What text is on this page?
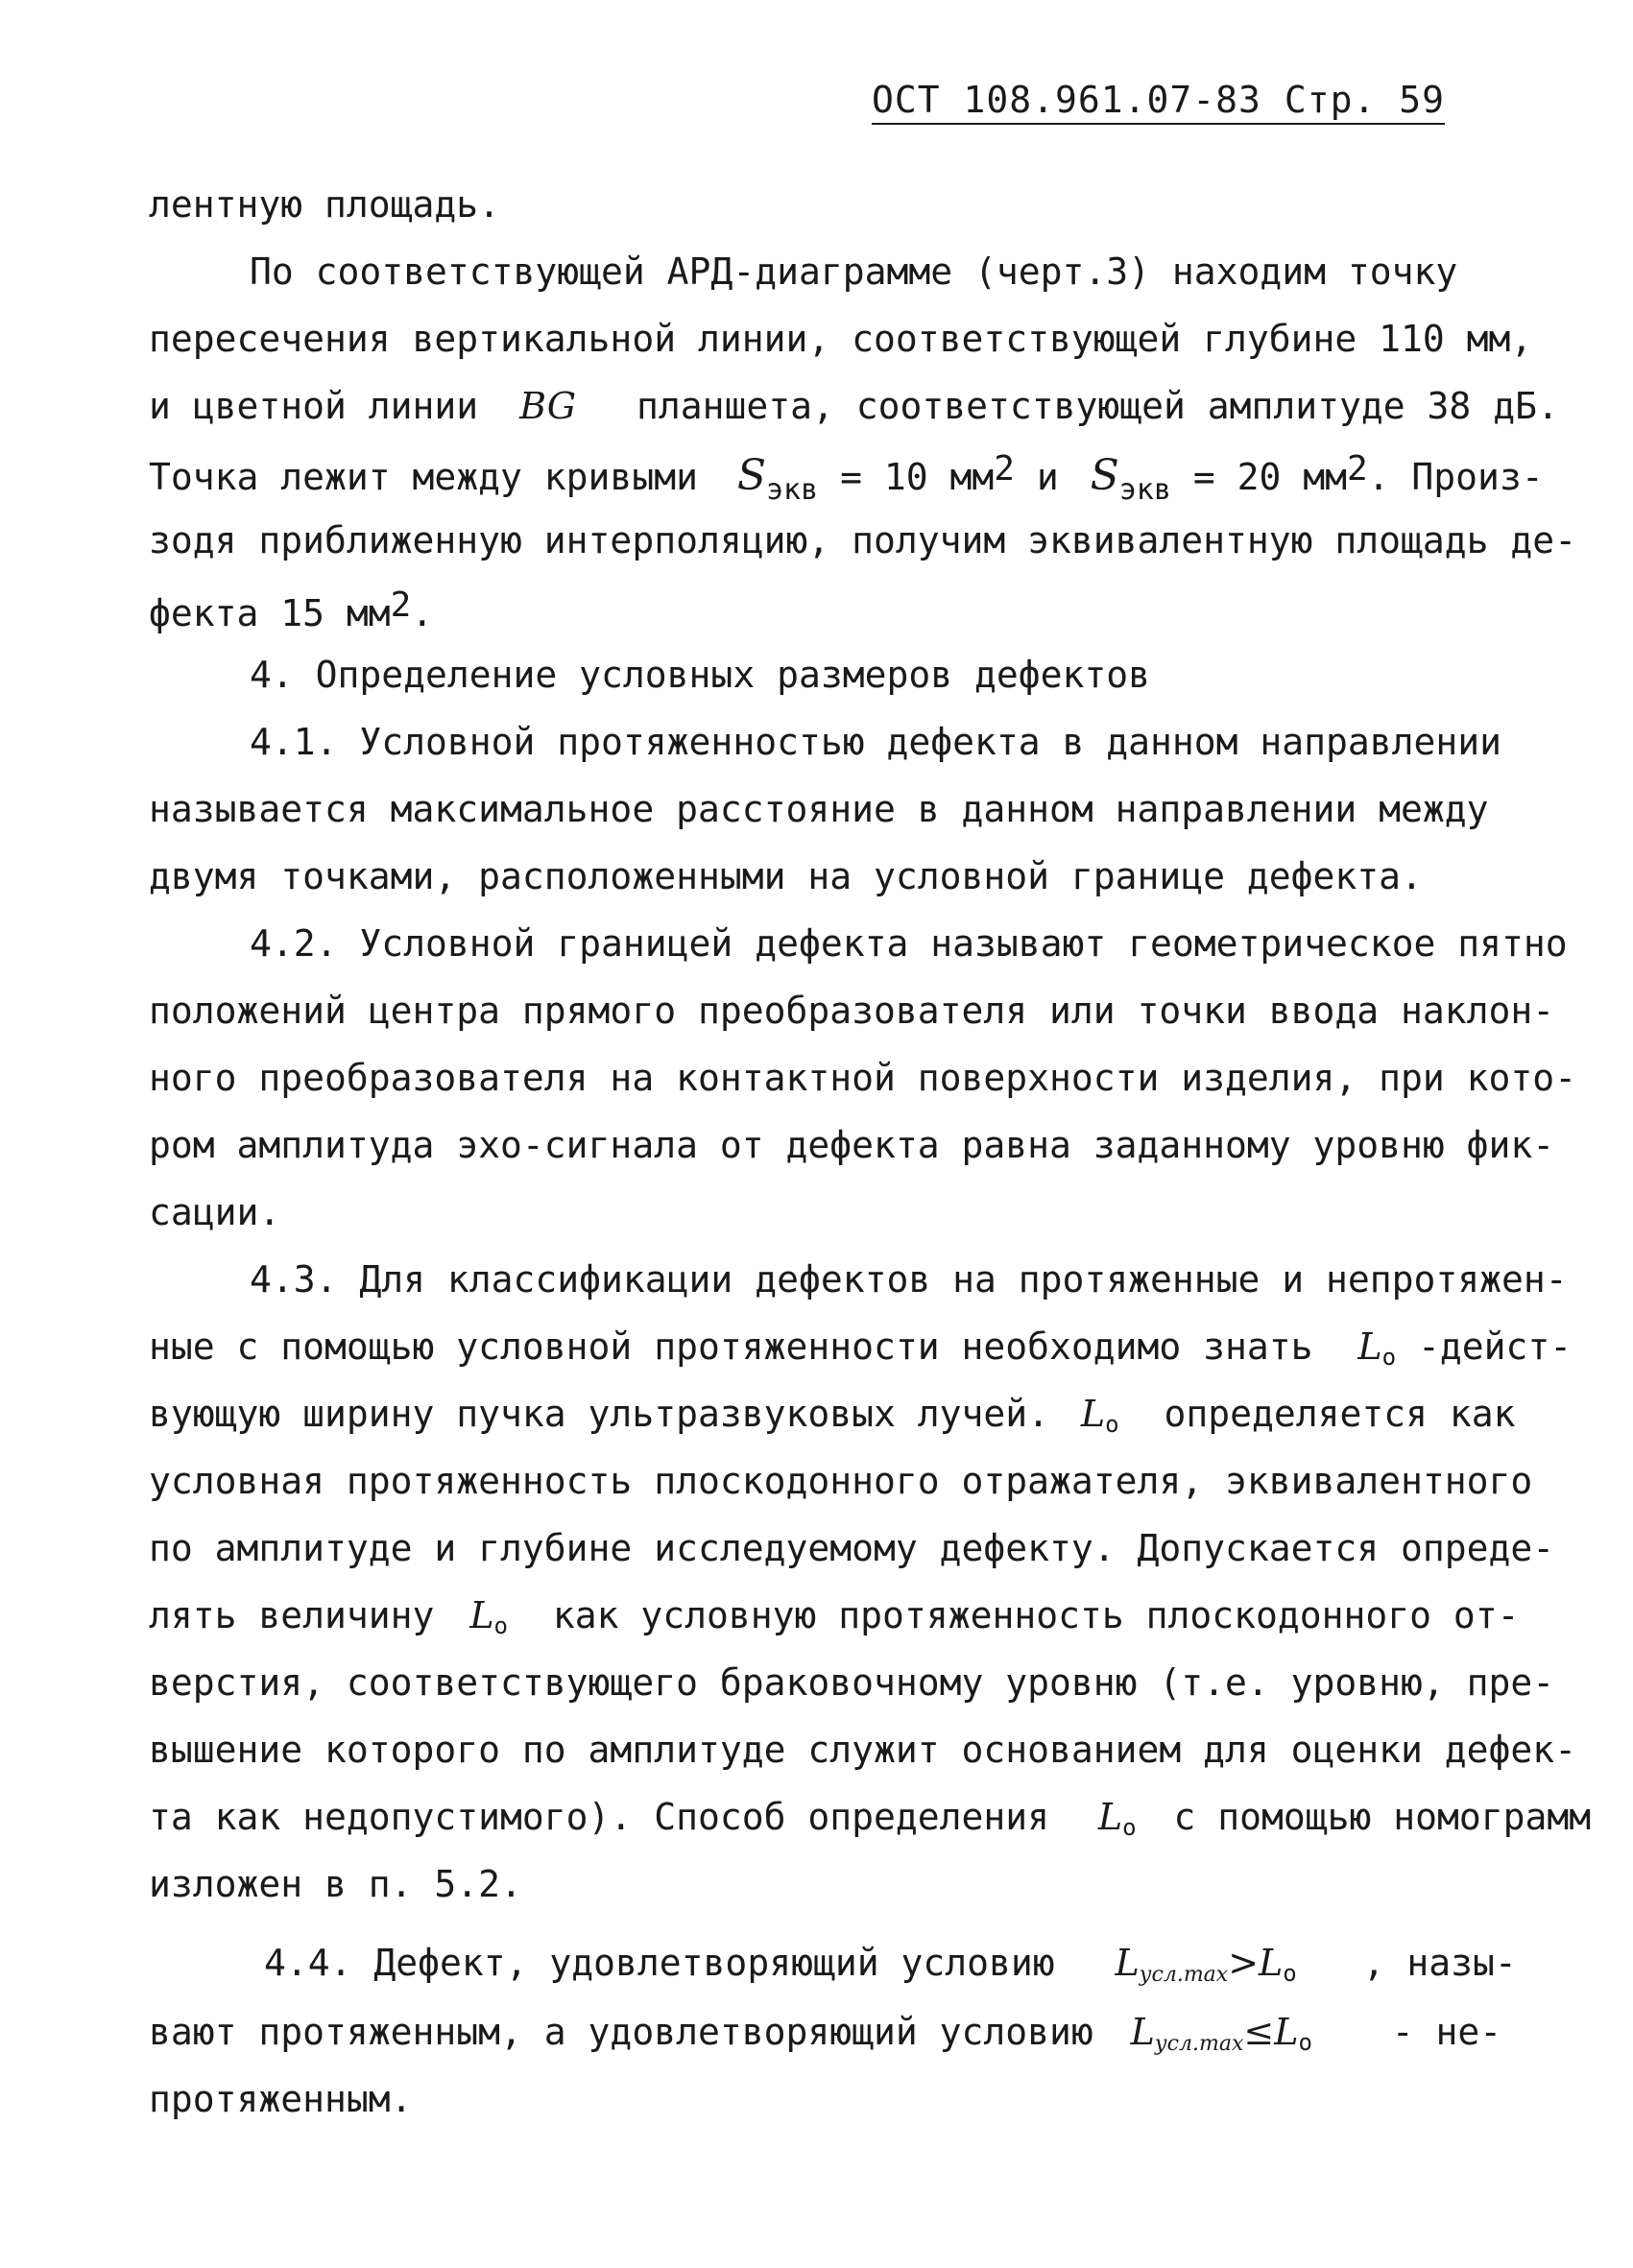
ОСТ 108.961.07-83 Стр. 59
лентную площадь.
По соответствующей АРД-диаграмме (черт.3) находим точку
пересечения вертикальной линии, соответствующей глубине 110 мм,
и цветной линии BG планшета, соответствующей амплитуде 38 дБ.
Точка лежит между кривыми $S_{экв} = 10$ $мм^2$ и $S_{экв} = 20$ $мм^2$. Произ-
зодя приближенную интерполяцию, получим эквивалентную площадь де-
фекта 15 $мм^2$.
4. Определение условных размеров дефектов
4.1. Условной протяженностью дефекта в данном направлении
называется максимальное расстояние в данном направлении между
двумя точками, расположенными на условной границе дефекта.
4.2. Условной границей дефекта называют геометрическое пятно
положений центра прямого преобразователя или точки ввода наклон-
ного преобразователя на контактной поверхности изделия, при кото-
ром амплитуда эхо-сигнала от дефекта равна заданному уровню фик-
сации.
4.3. Для классификации дефектов на протяженные и непротяжен-
ные с помощью условной протяженности необходимо знать $L_o$ -дейст-
вующую ширину пучка ультразвуковых лучей. $L_o$ определяется как
условная протяженность плоскодонного отражателя, эквивалентного
по амплитуде и глубине исследуемому дефекту. Допускается опреде-
лять величину $L_o$ как условную протяженность плоскодонного от-
верстия, соответствующего браковочному уровню (т.е. уровню, пре-
вышение которого по амплитуде служит основанием для оценки дефек-
та как недопустимого). Способ определения $L_o$ с помощью номограмм
изложен в п. 5.2.
4.4. Дефект, удовлетворяющий условию $L_{усл.max}>L_o$ , назы-
вают протяженным, а удовлетворяющий условию $L_{усл.max}\le L_o - не-$
протяженным.
